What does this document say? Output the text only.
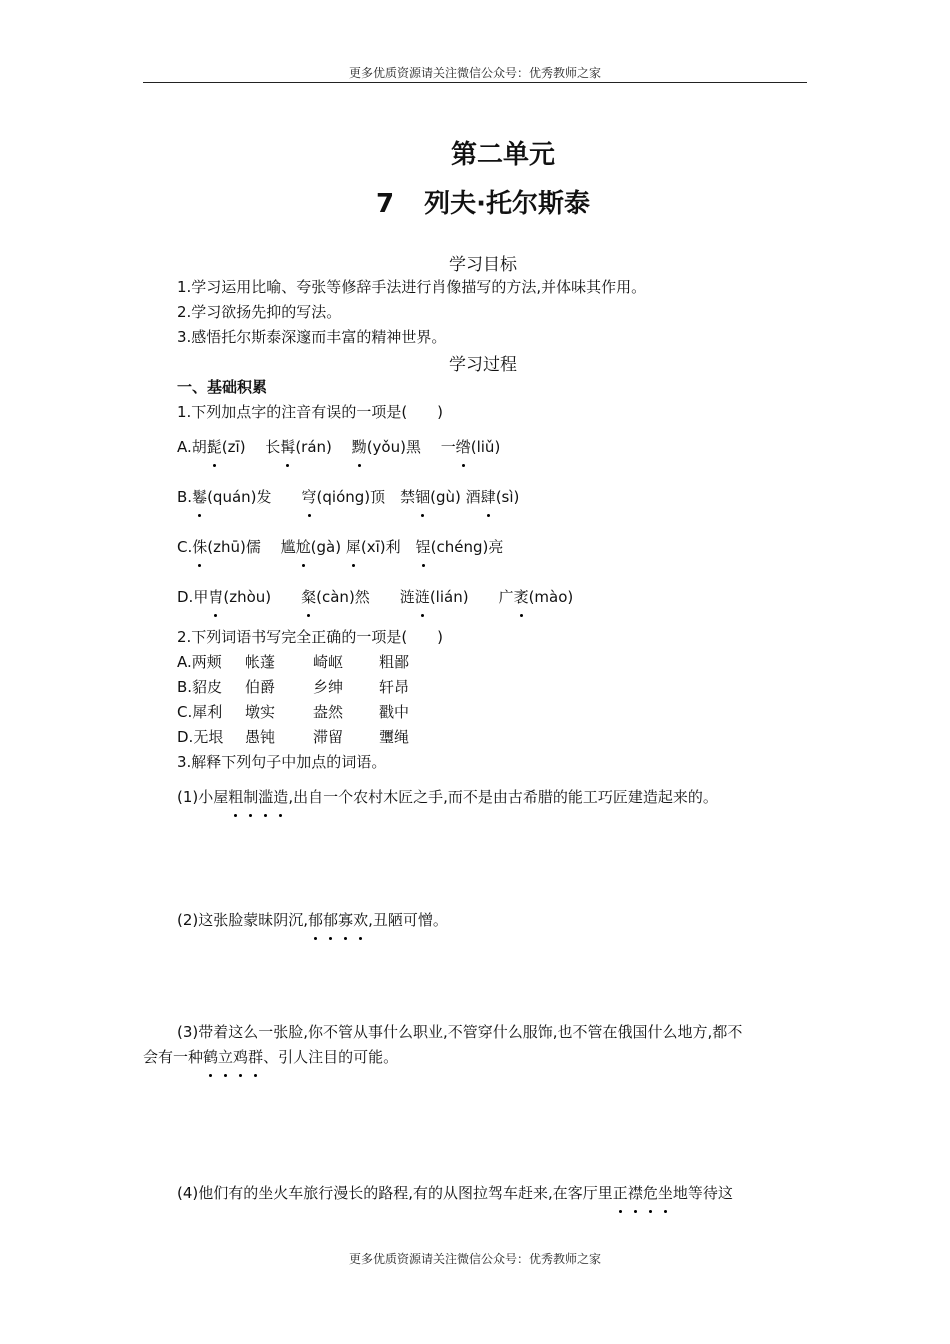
更多优质资源请关注微信公众号：优秀教师之家
第二单元
7 列夫·托尔斯泰
学习目标
1.学习运用比喻、夸张等修辞手法进行肖像描写的方法,并体味其作用。
2.学习欲扬先抑的写法。
3.感悟托尔斯泰深邃而丰富的精神世界。
学习过程
一、基础积累
1.下列加点字的注音有误的一项是( )
A.胡髭(zī)　 长髯(rán)　 黝(yǒu)黑　 一绺(liǔ)
B.鬈(quán)发　　穹(qióng)顶　禁锢(gù) 酒肆(sì)
C.侏(zhū)儒　 尴尬(gà) 犀(xī)利　锃(chéng)亮
D.甲胄(zhòu)　　粲(càn)然　　涟涟(lián)　　广袤(mào)
2.下列词语书写完全正确的一项是( )
A.两颊 帐蓬	崎岖 粗鄙
B.貂皮 伯爵	乡绅 轩昂
C.犀利 墩实	盎然 戳中
D.无垠 愚钝	滞留 瓕绳
3.解释下列句子中加点的词语。
(1)小屋粗制滥造,出自一个农村木匠之手,而不是由古希腊的能工巧匠建造起来的。
(2)这张脸蒙昧阴沉,郁郁寡欢,丑陋可憎。
(3)带着这么一张脸,你不管从事什么职业,不管穿什么服饰,也不管在俄国什么地方,都不
会有一种鹤立鸡群、引人注目的可能。
(4)他们有的坐火车旅行漫长的路程,有的从图拉驾车赶来,在客厅里正襟危坐地等待这
更多优质资源请关注微信公众号：优秀教师之家
